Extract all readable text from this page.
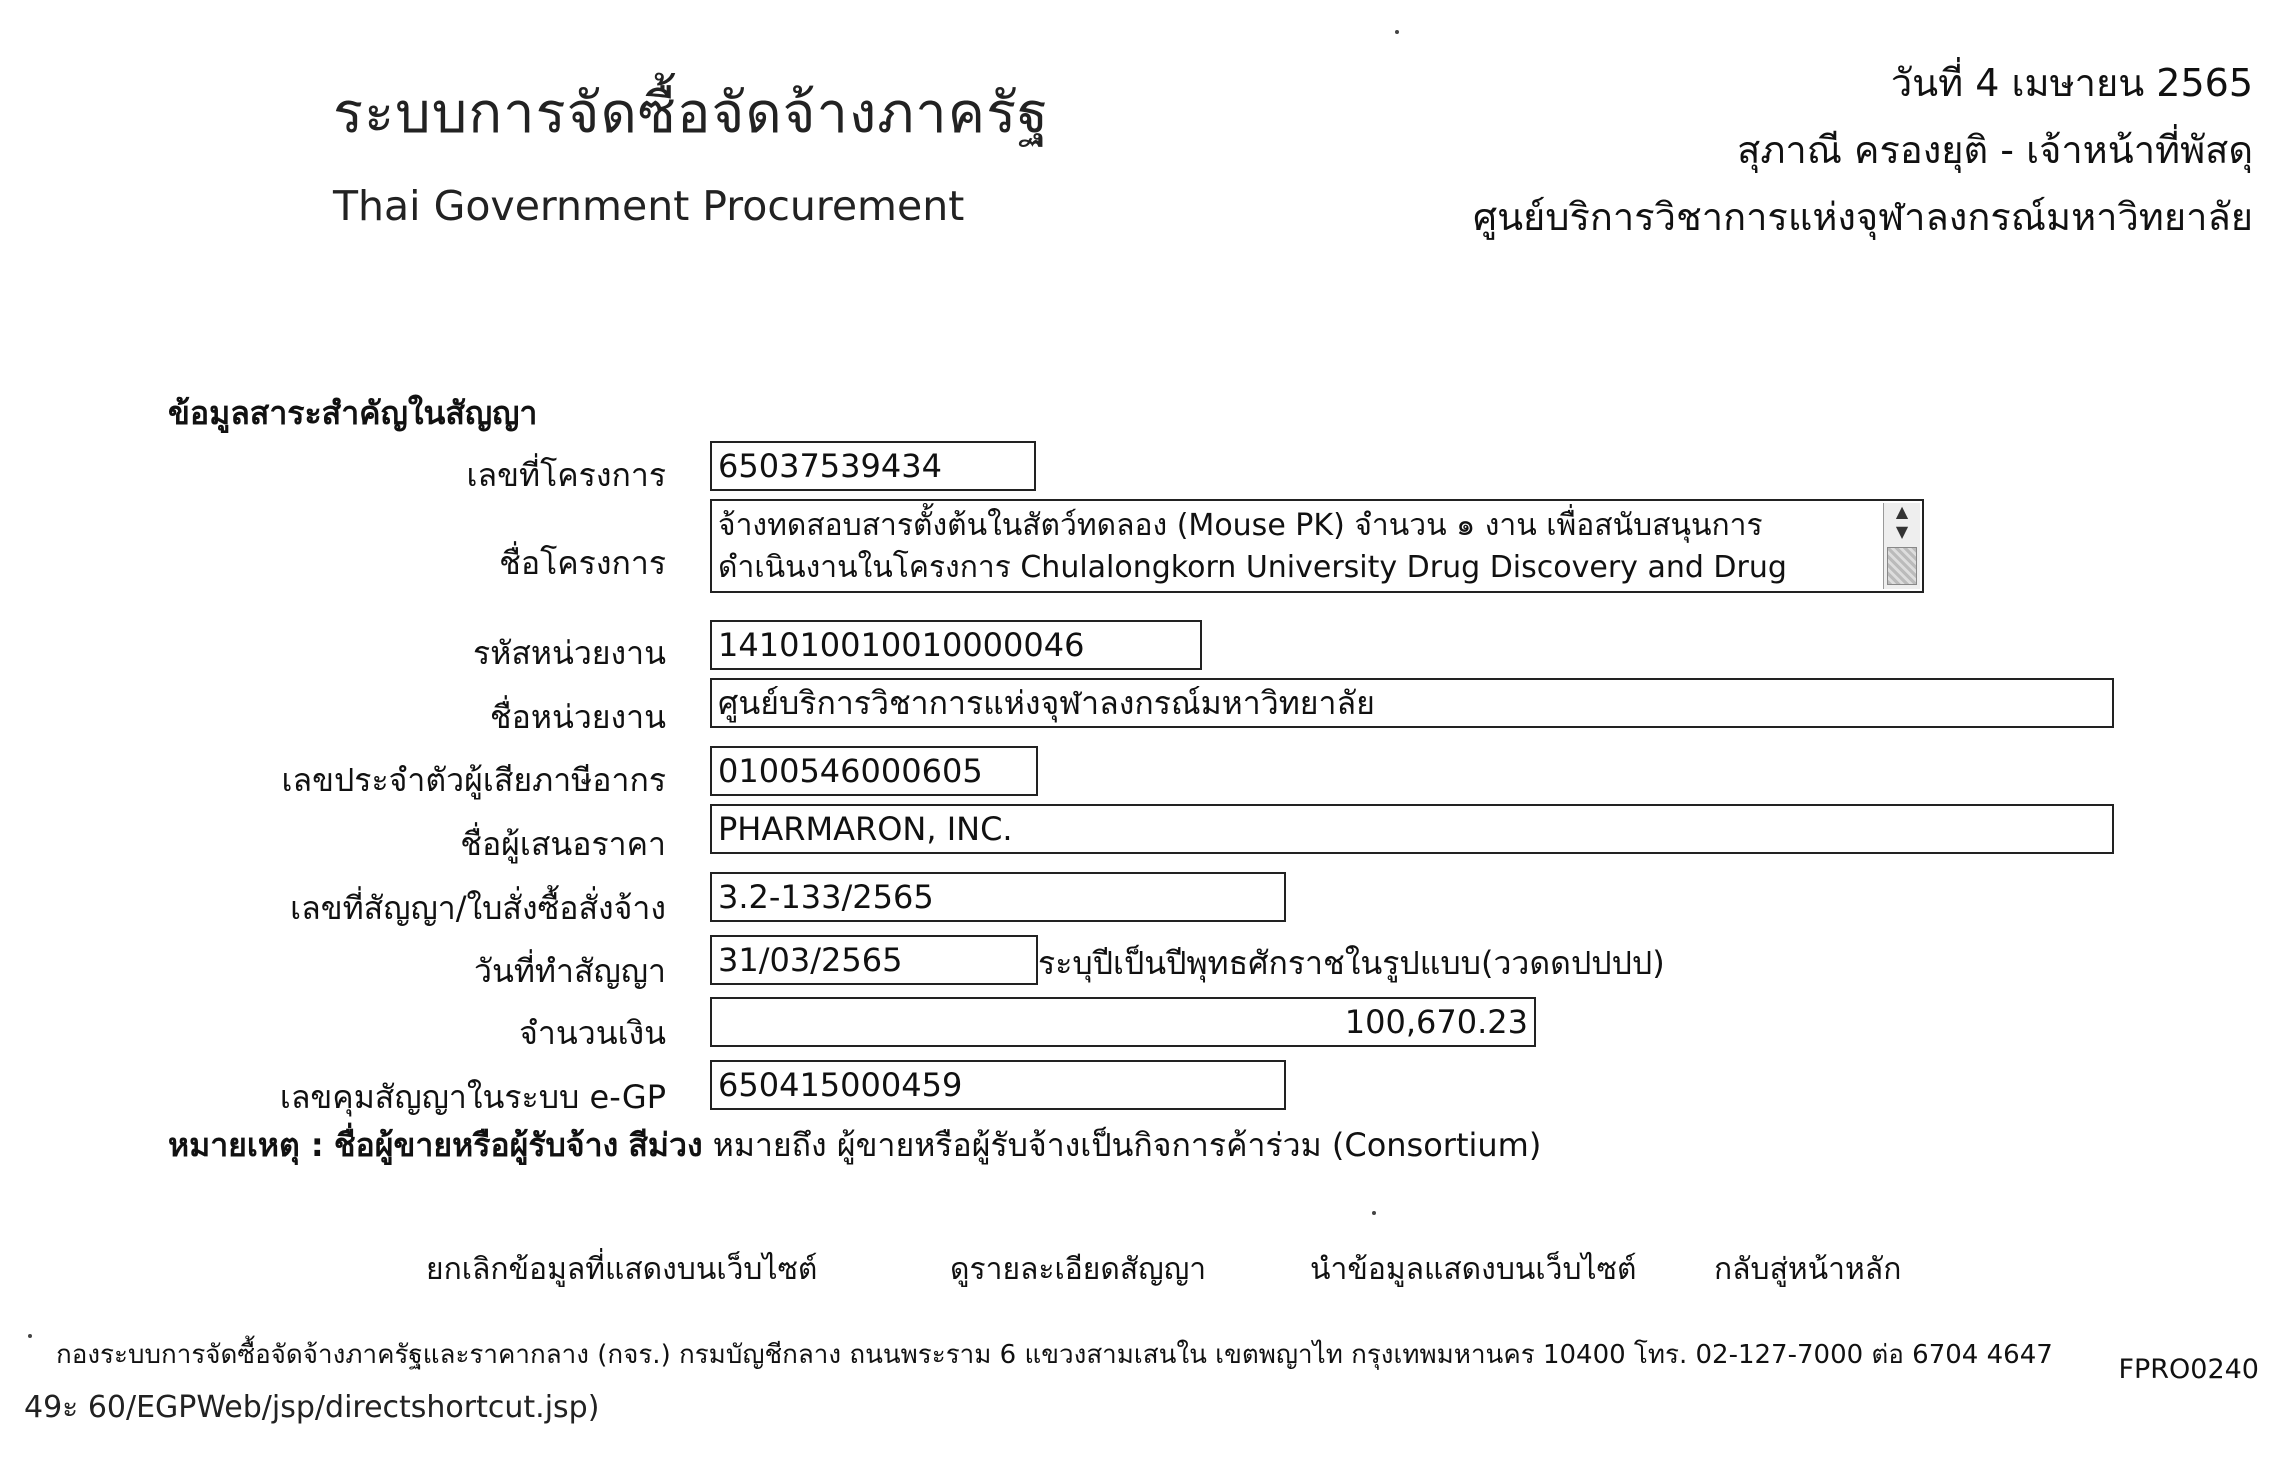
ระบบการจัดซื้อจัดจ้างภาครัฐ
Thai Government Procurement
วันที่ 4 เมษายน 2565
สุภาณี ครองยุติ - เจ้าหน้าที่พัสดุ
ศูนย์บริการวิชาการแห่งจุฬาลงกรณ์มหาวิทยาลัย
ข้อมูลสาระสำคัญในสัญญา
เลขที่โครงการ 65037539434
ชื่อโครงการ
จ้างทดสอบสารตั้งต้นในสัตว์ทดลอง (Mouse PK) จำนวน ๑ งาน เพื่อสนับสนุนการ
ดำเนินงานในโครงการ Chulalongkorn University Drug Discovery and Drug
▲
▼
รหัสหน่วยงาน 141010010010000046
ชื่อหน่วยงาน ศูนย์บริการวิชาการแห่งจุฬาลงกรณ์มหาวิทยาลัย
เลขประจำตัวผู้เสียภาษีอากร 0100546000605
ชื่อผู้เสนอราคา PHARMARON, INC.
เลขที่สัญญา/ใบสั่งซื้อสั่งจ้าง 3.2-133/2565
วันที่ทำสัญญา 31/03/2565	ระบุปีเป็นปีพุทธศักราชในรูปแบบ(ววดดปปปป)
จำนวนเงิน	100,670.23
เลขคุมสัญญาในระบบ e-GP 650415000459
หมายเหตุ : ชื่อผู้ขายหรือผู้รับจ้าง สีม่วง หมายถึง ผู้ขายหรือผู้รับจ้างเป็นกิจการค้าร่วม (Consortium)
ยกเลิกข้อมูลที่แสดงบนเว็บไซต์	ดูรายละเอียดสัญญา	นำข้อมูลแสดงบนเว็บไซต์	กลับสู่หน้าหลัก
กองระบบการจัดซื้อจัดจ้างภาครัฐและราคากลาง (กจร.) กรมบัญชีกลาง ถนนพระราม 6 แขวงสามเสนใน เขตพญาไท กรุงเทพมหานคร 10400 โทร. 02-127-7000 ต่อ 6704 4647 FPRO0240
49ะ 60/EGPWeb/jsp/directshortcut.jsp)
